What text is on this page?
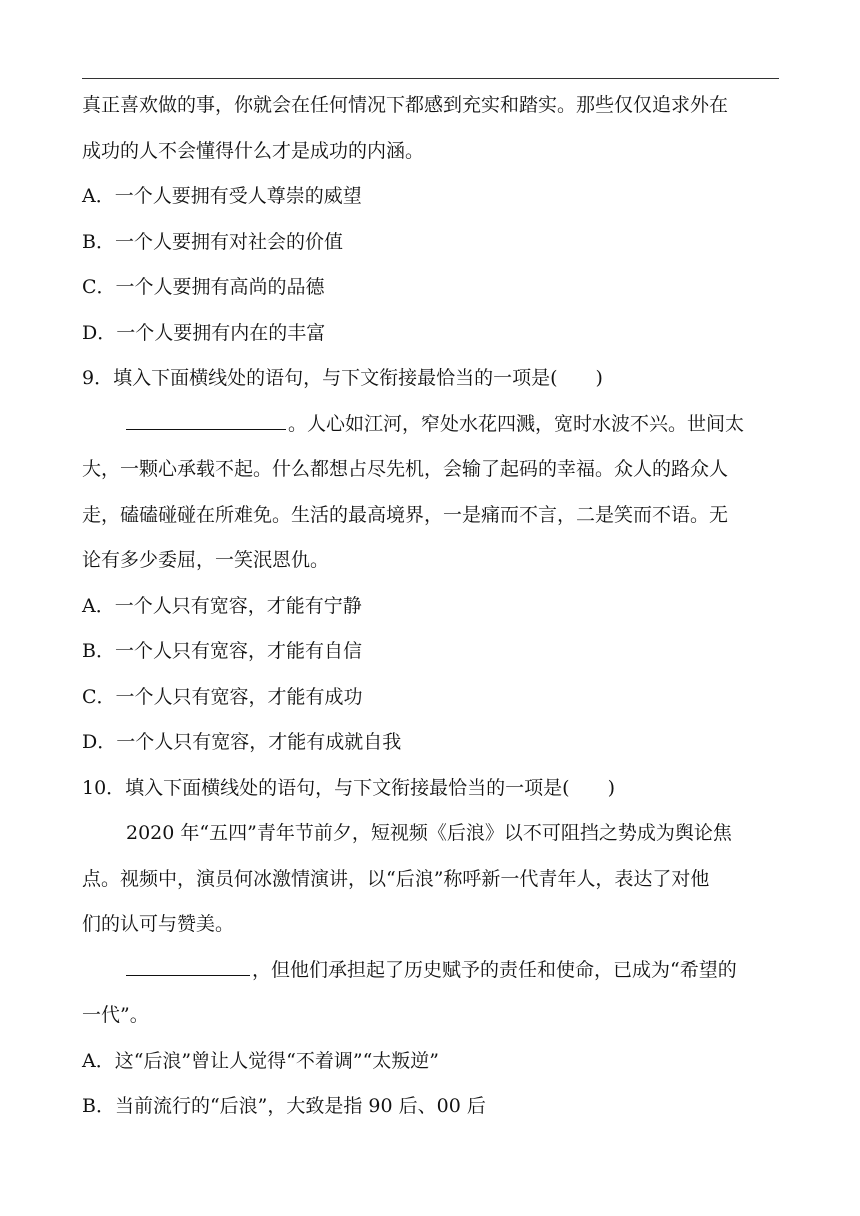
真正喜欢做的事，你就会在任何情况下都感到充实和踏实。那些仅仅追求外在
成功的人不会懂得什么才是成功的内涵。
A．一个人要拥有受人尊崇的威望
B．一个人要拥有对社会的价值
C．一个人要拥有高尚的品德
D．一个人要拥有内在的丰富
9．填入下面横线处的语句，与下文衔接最恰当的一项是(　　)
。人心如江河，窄处水花四溅，宽时水波不兴。世间太
大，一颗心承载不起。什么都想占尽先机，会输了起码的幸福。众人的路众人
走，磕磕碰碰在所难免。生活的最高境界，一是痛而不言，二是笑而不语。无
论有多少委屈，一笑泯恩仇。
A．一个人只有宽容，才能有宁静
B．一个人只有宽容，才能有自信
C．一个人只有宽容，才能有成功
D．一个人只有宽容，才能有成就自我
10．填入下面横线处的语句，与下文衔接最恰当的一项是(　　)
2020 年“五四”青年节前夕，短视频《后浪》以不可阻挡之势成为舆论焦
点。视频中，演员何冰激情演讲，以“后浪”称呼新一代青年人，表达了对他
们的认可与赞美。
，但他们承担起了历史赋予的责任和使命，已成为“希望的
一代”。
A．这“后浪”曾让人觉得“不着调”“太叛逆”
B．当前流行的“后浪”，大致是指 90 后、00 后
